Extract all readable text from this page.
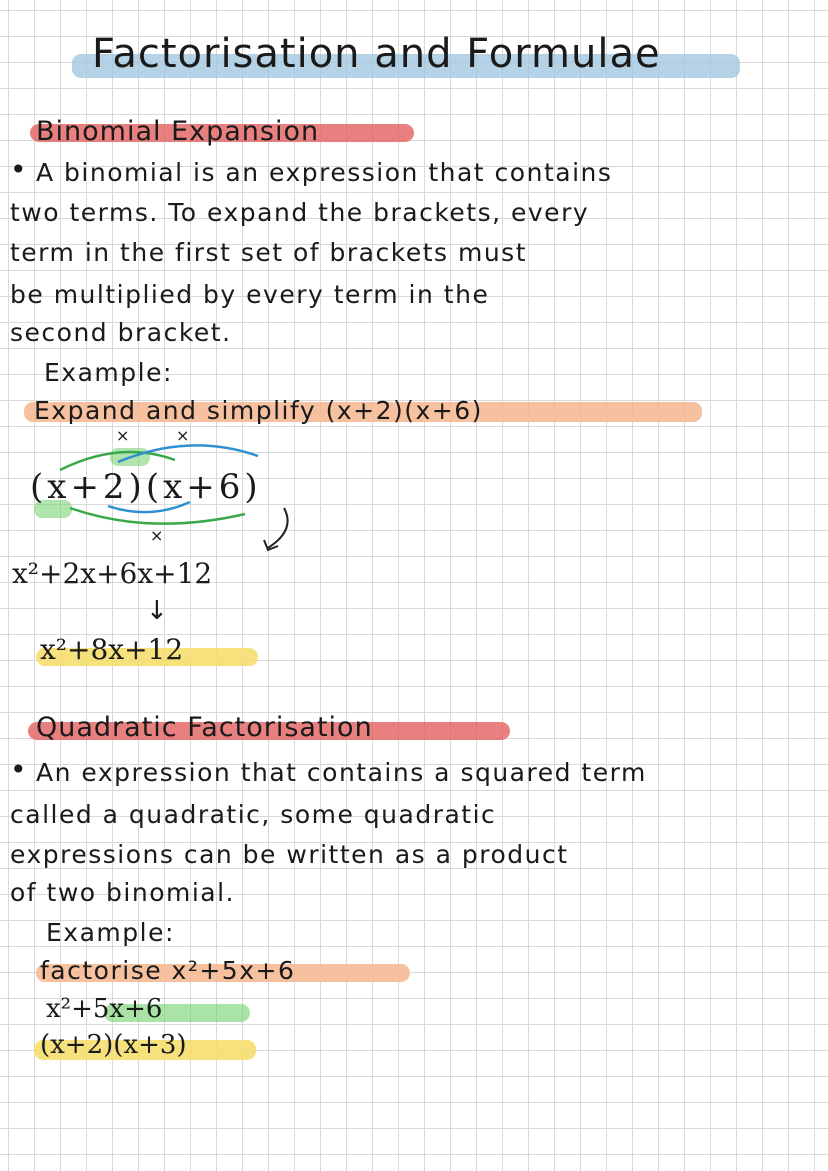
Factorisation and Formulae
Binomial Expansion
• A binomial is an expression that contains
two terms. To expand the brackets, every
term in the first set of brackets must
be multiplied by every term in the
second bracket.
Example:
Expand and simplify (x+2)(x+6)
×	×
×
(x+2)(x+6)
x²+2x+6x+12
↓
x²+8x+12
Quadratic Factorisation
• An expression that contains a squared term
called a quadratic, some quadratic
expressions can be written as a product
of two binomial.
Example:
factorise x²+5x+6
x²+5x+6
(x+2)(x+3)
